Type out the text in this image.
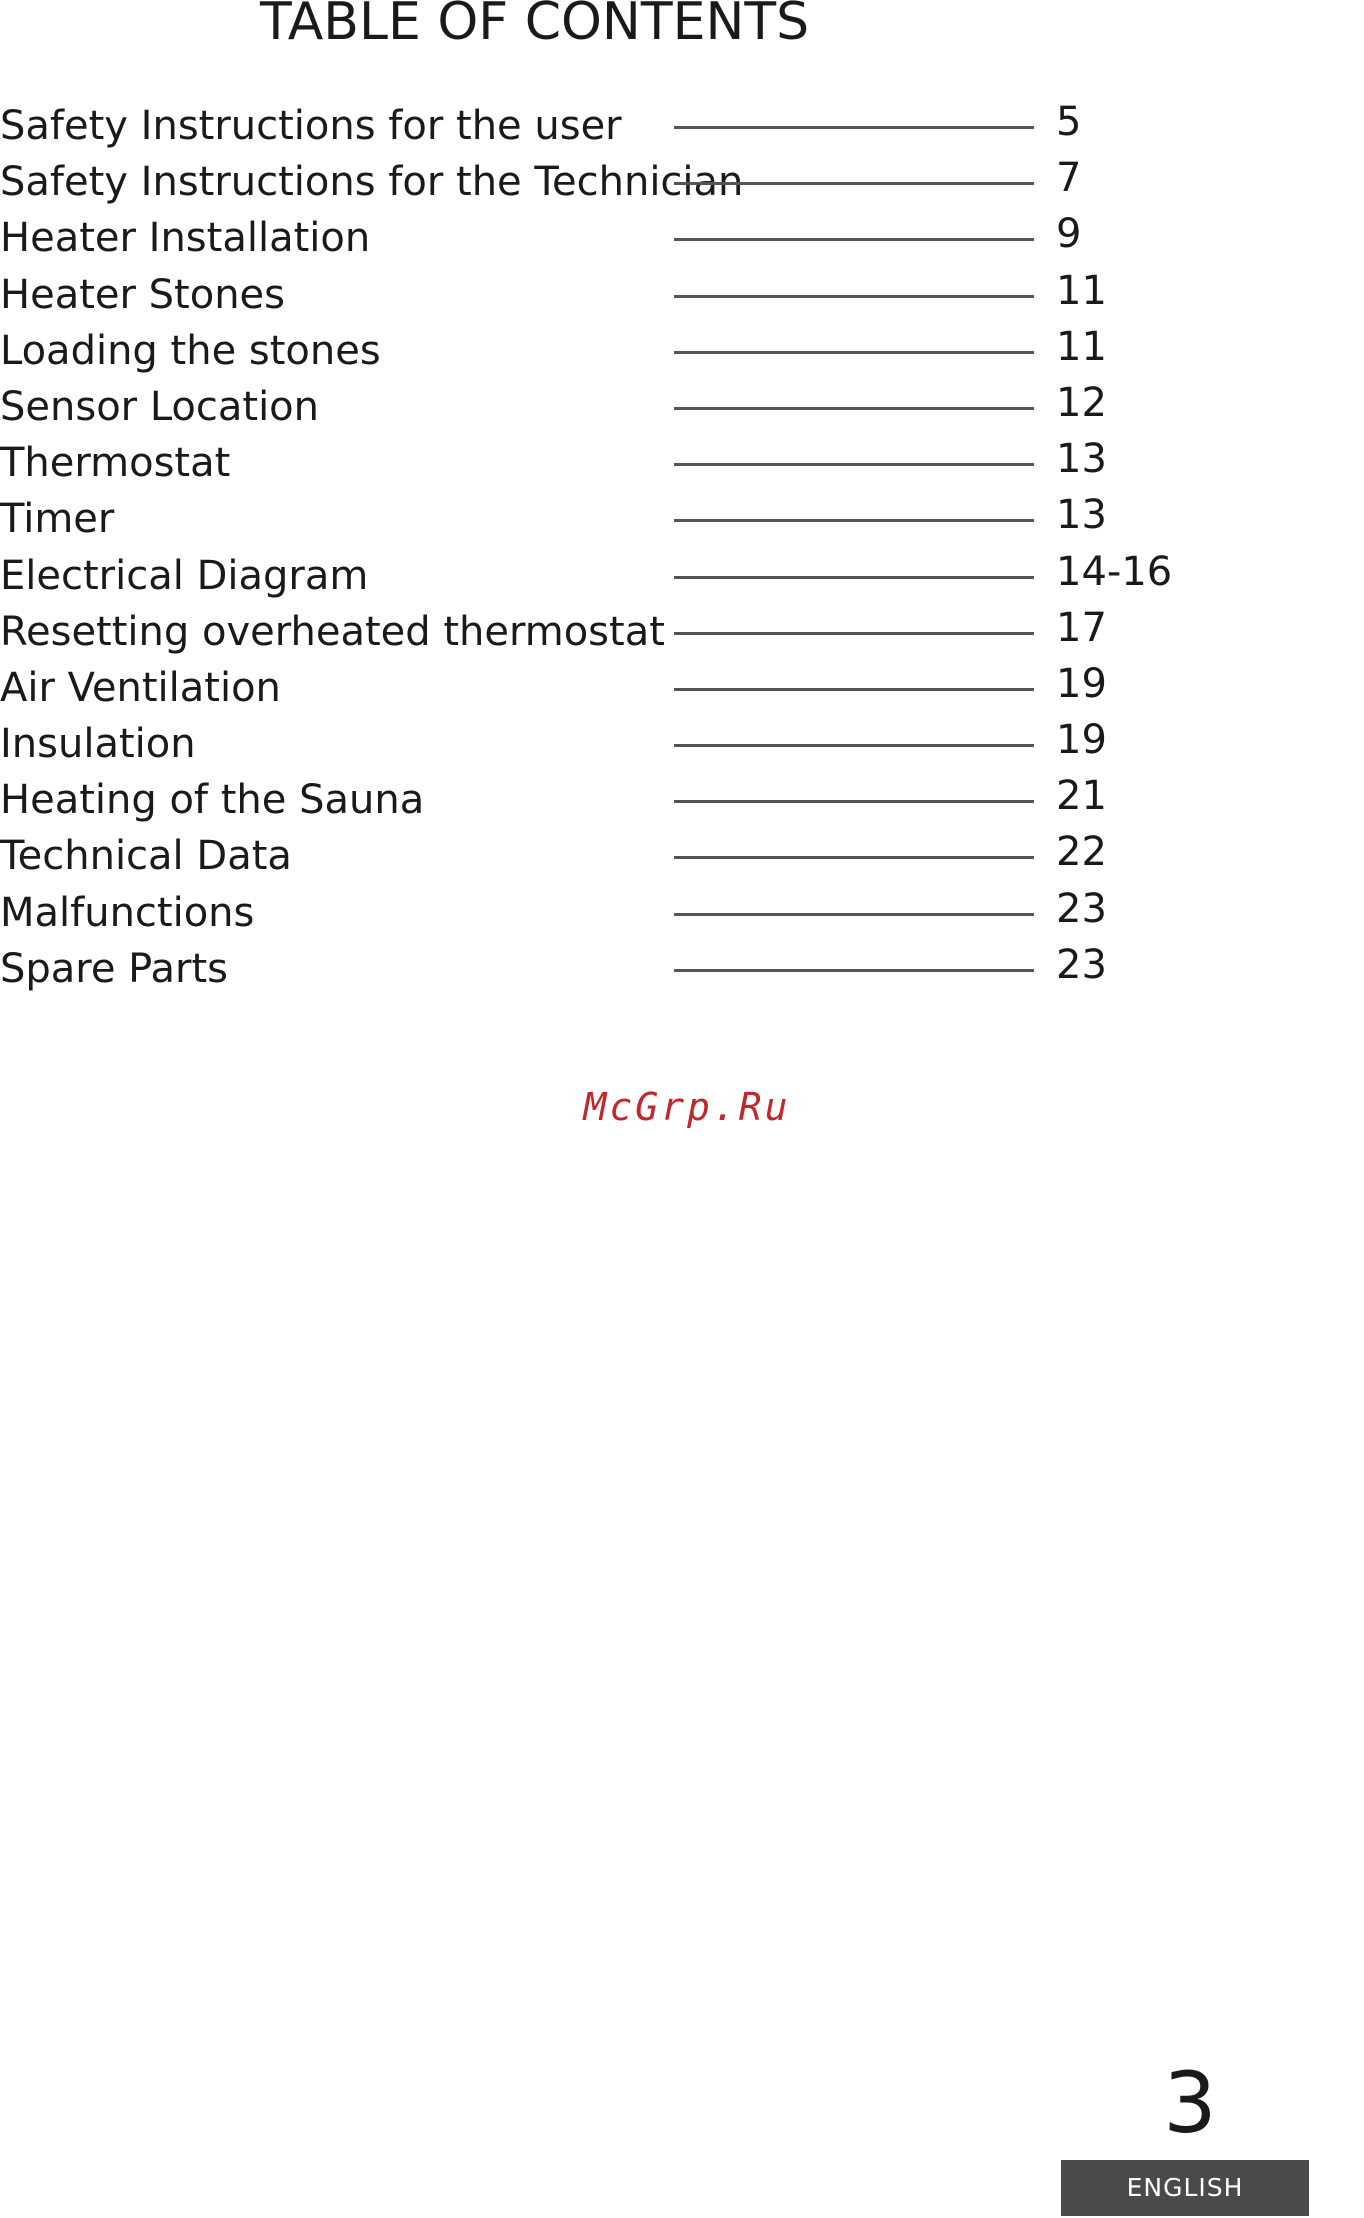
TABLE OF CONTENTS
Safety Instructions for the user	5
Safety Instructions for the Technician	7
Heater Installation	9
Heater Stones	11
Loading the stones	11
Sensor Location	12
Thermostat	13
Timer	13
Electrical Diagram	14-16
Resetting overheated thermostat	17
Air Ventilation	19
Insulation	19
Heating of the Sauna	21
Technical Data	22
Malfunctions	23
Spare Parts	23
McGrp.Ru
3
ENGLISH
